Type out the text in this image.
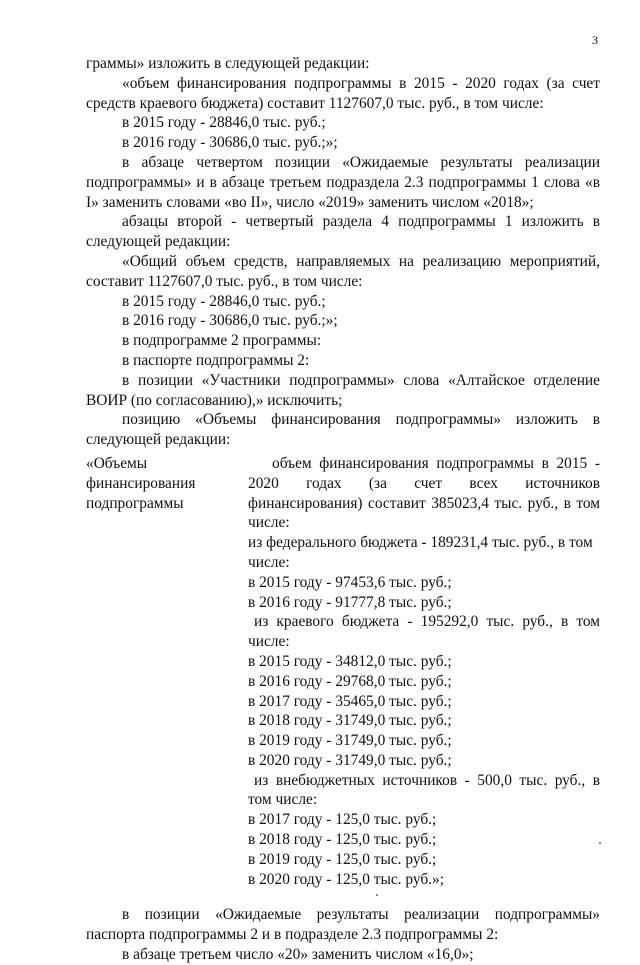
3

граммы» изложить в следующей редакции:

«объем финансирования подпрограммы в 2015 - 2020 годах (за счет средств краевого бюджета) составит 1127607,0 тыс. руб., в том числе:

в 2015 году - 28846,0 тыс. руб.;

в 2016 году - 30686,0 тыс. руб.;»;

в абзаце четвертом позиции «Ожидаемые результаты реализации подпрограммы» и в абзаце третьем подраздела 2.3 подпрограммы 1 слова «в I» заменить словами «во II», число «2019» заменить числом «2018»;

абзацы второй - четвертый раздела 4 подпрограммы 1 изложить в следующей редакции:

«Общий объем средств, направляемых на реализацию мероприятий, составит 1127607,0 тыс. руб., в том числе:

в 2015 году - 28846,0 тыс. руб.;

в 2016 году - 30686,0 тыс. руб.;»;

в подпрограмме 2 программы:

в паспорте подпрограммы 2:

в позиции «Участники подпрограммы» слова «Алтайское отделение ВОИР (по согласованию),» исключить;

позицию «Объемы финансирования подпрограммы» изложить в следующей редакции:

«Объемы финансирования подпрограммы

объем финансирования подпрограммы в 2015 - 2020 годах (за счет всех источников финансирования) составит 385023,4 тыс. руб., в том числе:

из федерального бюджета - 189231,4 тыс. руб., в том числе:

в 2015 году - 97453,6 тыс. руб.;

в 2016 году - 91777,8 тыс. руб.;

из краевого бюджета - 195292,0 тыс. руб., в том числе:

в 2015 году - 34812,0 тыс. руб.;

в 2016 году - 29768,0 тыс. руб.;

в 2017 году - 35465,0 тыс. руб.;

в 2018 году - 31749,0 тыс. руб.;

в 2019 году - 31749,0 тыс. руб.;

в 2020 году - 31749,0 тыс. руб.;

из внебюджетных источников - 500,0 тыс. руб., в том числе:

в 2017 году - 125,0 тыс. руб.;

в 2018 году - 125,0 тыс. руб.;

в 2019 году - 125,0 тыс. руб.;

в 2020 году - 125,0 тыс. руб.»;

в позиции «Ожидаемые результаты реализации подпрограммы» паспорта подпрограммы 2 и в подразделе 2.3 подпрограммы 2:

в абзаце третьем число «20» заменить числом «16,0»;
